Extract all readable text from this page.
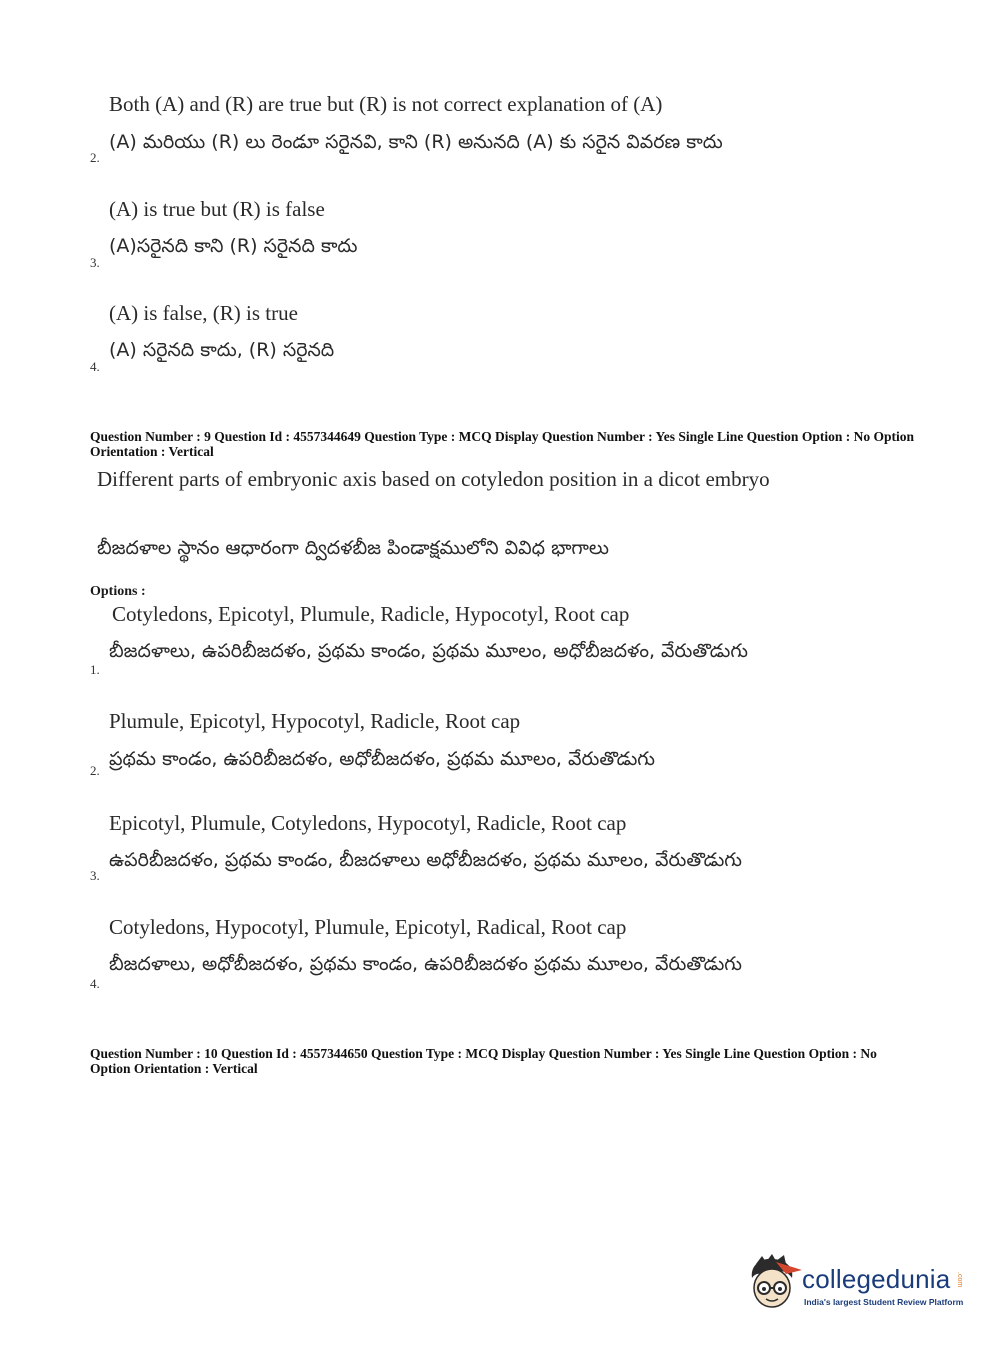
Both (A) and (R) are true but (R) is not correct explanation of (A)
(A) మరియు (R) లు రెండూ సరైనవి, కాని (R) అనునది (A) కు సరైన వివరణ కాదు
2.
(A) is true but (R) is false
(A)సరైనది కాని (R) సరైనది కాదు
3.
(A) is false, (R) is true
(A) సరైనది కాదు, (R) సరైనది
4.
Question Number : 9 Question Id : 4557344649 Question Type : MCQ Display Question Number : Yes Single Line Question Option : No Option Orientation : Vertical
Different parts of embryonic axis based on cotyledon position in a dicot embryo
బీజదళాల స్థానం ఆధారంగా ద్విదళబీజ పిండాక్షములోని వివిధ భాగాలు
Options :
Cotyledons, Epicotyl, Plumule, Radicle, Hypocotyl, Root cap
బీజదళాలు, ఉపరిబీజదళం, ప్రథమ కాండం, ప్రథమ మూలం, అధోబీజదళం, వేరుతొడుగు
1.
Plumule, Epicotyl, Hypocotyl, Radicle, Root cap
ప్రథమ కాండం, ఉపరిబీజదళం, అధోబీజదళం, ప్రథమ మూలం, వేరుతొడుగు
2.
Epicotyl, Plumule, Cotyledons, Hypocotyl, Radicle, Root cap
ఉపరిబీజదళం, ప్రథమ కాండం, బీజదళాలు అధోబీజదళం, ప్రథమ మూలం, వేరుతొడుగు
3.
Cotyledons, Hypocotyl, Plumule, Epicotyl, Radical, Root cap
బీజదళాలు, అధోబీజదళం, ప్రథమ కాండం, ఉపరిబీజదళం ప్రథమ మూలం, వేరుతొడుగు
4.
Question Number : 10 Question Id : 4557344650 Question Type : MCQ Display Question Number : Yes Single Line Question Option : No Option Orientation : Vertical
collegedunia .com
India's largest Student Review Platform
